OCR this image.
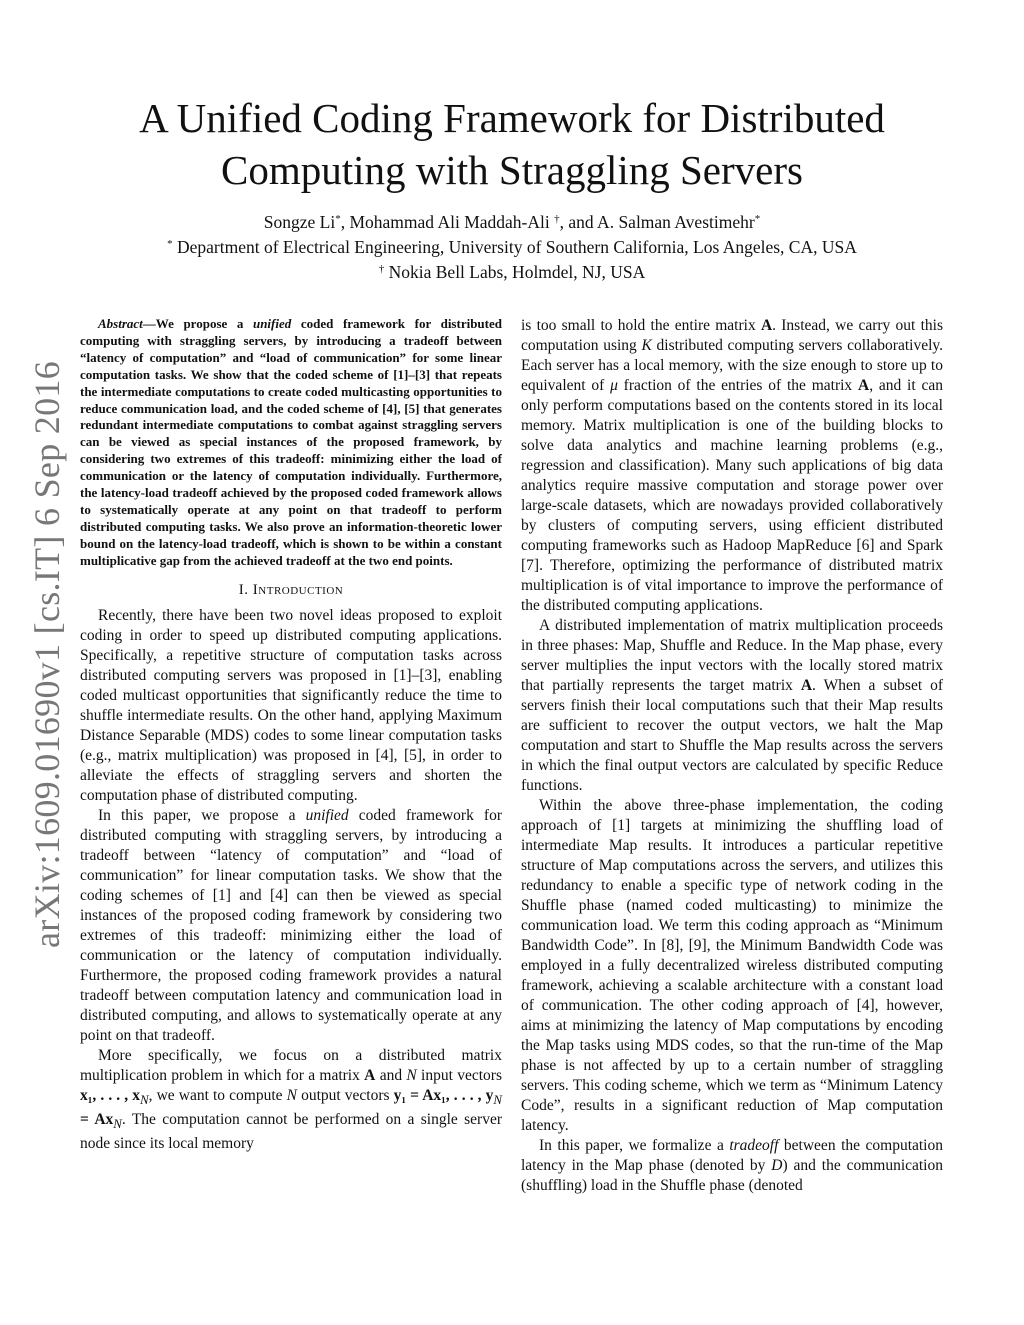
arXiv:1609.01690v1 [cs.IT] 6 Sep 2016
A Unified Coding Framework for Distributed
Computing with Straggling Servers
Songze Li*, Mohammad Ali Maddah-Ali †, and A. Salman Avestimehr*
* Department of Electrical Engineering, University of Southern California, Los Angeles, CA, USA
† Nokia Bell Labs, Holmdel, NJ, USA

Abstract—We propose a unified coded framework for distributed computing with straggling servers, by introducing a tradeoff between “latency of computation” and “load of communication” for some linear computation tasks. We show that the coded scheme of [1]–[3] that repeats the intermediate computations to create coded multicasting opportunities to reduce communication load, and the coded scheme of [4], [5] that generates redundant intermediate computations to combat against straggling servers can be viewed as special instances of the proposed framework, by considering two extremes of this tradeoff: minimizing either the load of communication or the latency of computation individually. Furthermore, the latency-load tradeoff achieved by the proposed coded framework allows to systematically operate at any point on that tradeoff to perform distributed computing tasks. We also prove an information-theoretic lower bound on the latency-load tradeoff, which is shown to be within a constant multiplicative gap from the achieved tradeoff at the two end points.

I. Introduction

Recently, there have been two novel ideas proposed to exploit coding in order to speed up distributed computing applications. Specifically, a repetitive structure of computation tasks across distributed computing servers was proposed in [1]–[3], enabling coded multicast opportunities that significantly reduce the time to shuffle intermediate results. On the other hand, applying Maximum Distance Separable (MDS) codes to some linear computation tasks (e.g., matrix multiplication) was proposed in [4], [5], in order to alleviate the effects of straggling servers and shorten the computation phase of distributed computing.

In this paper, we propose a unified coded framework for distributed computing with straggling servers, by introducing a tradeoff between “latency of computation” and “load of communication” for linear computation tasks. We show that the coding schemes of [1] and [4] can then be viewed as special instances of the proposed coding framework by considering two extremes of this tradeoff: minimizing either the load of communication or the latency of computation individually. Furthermore, the proposed coding framework provides a natural tradeoff between computation latency and communication load in distributed computing, and allows to systematically operate at any point on that tradeoff.

More specifically, we focus on a distributed matrix multiplication problem in which for a matrix A and N input vectors x₁, . . . , $x_N$, we want to compute N output vectors y₁ = Ax₁, . . . , $y_N = Ax_N$. The computation cannot be performed on a single server node since its local memory

is too small to hold the entire matrix A. Instead, we carry out this computation using K distributed computing servers collaboratively. Each server has a local memory, with the size enough to store up to equivalent of μ fraction of the entries of the matrix A, and it can only perform computations based on the contents stored in its local memory. Matrix multiplication is one of the building blocks to solve data analytics and machine learning problems (e.g., regression and classification). Many such applications of big data analytics require massive computation and storage power over large-scale datasets, which are nowadays provided collaboratively by clusters of computing servers, using efficient distributed computing frameworks such as Hadoop MapReduce [6] and Spark [7]. Therefore, optimizing the performance of distributed matrix multiplication is of vital importance to improve the performance of the distributed computing applications.

A distributed implementation of matrix multiplication proceeds in three phases: Map, Shuffle and Reduce. In the Map phase, every server multiplies the input vectors with the locally stored matrix that partially represents the target matrix A. When a subset of servers finish their local computations such that their Map results are sufficient to recover the output vectors, we halt the Map computation and start to Shuffle the Map results across the servers in which the final output vectors are calculated by specific Reduce functions.

Within the above three-phase implementation, the coding approach of [1] targets at minimizing the shuffling load of intermediate Map results. It introduces a particular repetitive structure of Map computations across the servers, and utilizes this redundancy to enable a specific type of network coding in the Shuffle phase (named coded multicasting) to minimize the communication load. We term this coding approach as “Minimum Bandwidth Code”. In [8], [9], the Minimum Bandwidth Code was employed in a fully decentralized wireless distributed computing framework, achieving a scalable architecture with a constant load of communication. The other coding approach of [4], however, aims at minimizing the latency of Map computations by encoding the Map tasks using MDS codes, so that the run-time of the Map phase is not affected by up to a certain number of straggling servers. This coding scheme, which we term as “Minimum Latency Code”, results in a significant reduction of Map computation latency.

In this paper, we formalize a tradeoff between the computation latency in the Map phase (denoted by D) and the communication (shuffling) load in the Shuffle phase (denoted
